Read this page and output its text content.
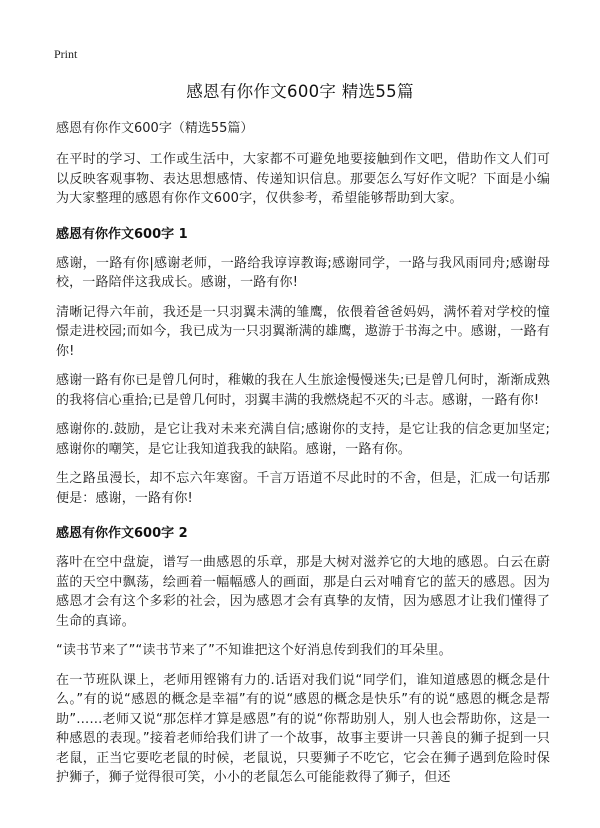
Print
感恩有你作文600字 精选55篇

感恩有你作文600字（精选55篇）

在平时的学习、工作或生活中，大家都不可避免地要接触到作文吧，借助作文人们可以反映客观事物、表达思想感情、传递知识信息。那要怎么写好作文呢？下面是小编为大家整理的感恩有你作文600字，仅供参考，希望能够帮助到大家。

感恩有你作文600字 1

感谢，一路有你|感谢老师，一路给我谆谆教诲;感谢同学，一路与我风雨同舟;感谢母校，一路陪伴这我成长。感谢，一路有你!

清晰记得六年前，我还是一只羽翼未满的雏鹰，依偎着爸爸妈妈，满怀着对学校的憧憬走进校园;而如今，我已成为一只羽翼渐满的雄鹰，遨游于书海之中。感谢，一路有你!

感谢一路有你已是曾几何时，稚嫩的我在人生旅途慢慢迷失;已是曾几何时，渐渐成熟的我将信心重拾;已是曾几何时，羽翼丰满的我燃烧起不灭的斗志。感谢，一路有你!

感谢你的.鼓励，是它让我对未来充满自信;感谢你的支持，是它让我的信念更加坚定;感谢你的嘲笑，是它让我知道我我的缺陷。感谢，一路有你。

生之路虽漫长，却不忘六年寒窗。千言万语道不尽此时的不舍，但是，汇成一句话那便是：感谢，一路有你!

感恩有你作文600字 2

落叶在空中盘旋，谱写一曲感恩的乐章，那是大树对滋养它的大地的感恩。白云在蔚蓝的天空中飘荡，绘画着一幅幅感人的画面，那是白云对哺育它的蓝天的感恩。因为感恩才会有这个多彩的社会，因为感恩才会有真挚的友情，因为感恩才让我们懂得了生命的真谛。

“读书节来了”“读书节来了”不知谁把这个好消息传到我们的耳朵里。

在一节班队课上，老师用铿锵有力的.话语对我们说“同学们，谁知道感恩的概念是什么。”有的说“感恩的概念是幸福”有的说“感恩的概念是快乐”有的说“感恩的概念是帮助”……老师又说“那怎样才算是感恩”有的说“你帮助别人，别人也会帮助你，这是一种感恩的表现。”接着老师给我们讲了一个故事，故事主要讲一只善良的狮子捉到一只老鼠，正当它要吃老鼠的时候，老鼠说，只要狮子不吃它，它会在狮子遇到危险时保护狮子，狮子觉得很可笑，小小的老鼠怎么可能能救得了狮子，但还
